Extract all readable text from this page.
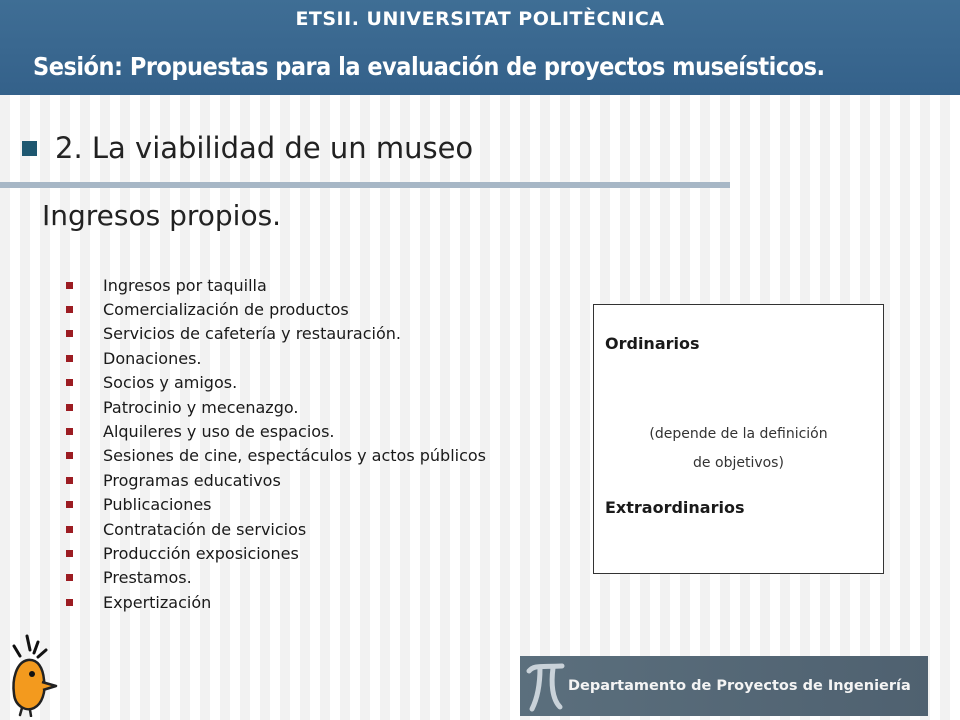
ETSII. UNIVERSITAT POLITÈCNICA
Sesión: Propuestas para la evaluación de proyectos museísticos.
2. La viabilidad de un museo
Ingresos propios.
Ingresos por taquilla
Comercialización de productos
Servicios de cafetería y restauración.
Donaciones.
Socios y amigos.
Patrocinio y mecenazgo.
Alquileres y uso de espacios.
Sesiones de cine, espectáculos y actos públicos
Programas educativos
Publicaciones
Contratación de servicios
Producción exposiciones
Prestamos.
Expertización
Ordinarios
(depende de la definición
de objetivos)
Extraordinarios
Departamento de Proyectos de Ingeniería
